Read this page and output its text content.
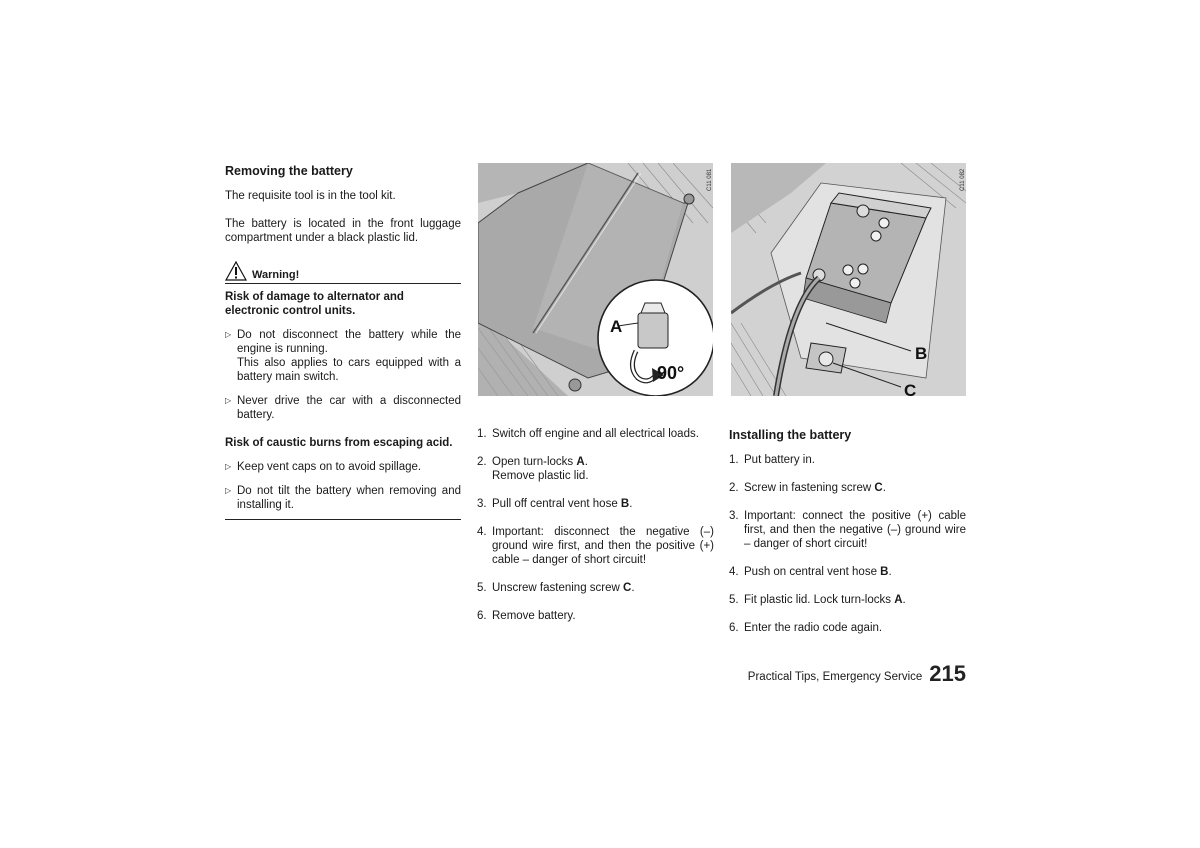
Removing the battery

The requisite tool is in the tool kit.

The battery is located in the front luggage compartment under a black plastic lid.

Warning!

Risk of damage to alternator and electronic control units.

▷ Do not disconnect the battery while the engine is running.

This also applies to cars equipped with a battery main switch.

▷ Never drive the car with a disconnected battery.

Risk of caustic burns from escaping acid.

▷ Keep vent caps on to avoid spillage.

▷ Do not tilt the battery when removing and installing it.

A
90°
C11 081
B
C
C11 082
1. Switch off engine and all electrical loads.

2. Open turn-locks A.

Remove plastic lid.

3. Pull off central vent hose B.

4. Important: disconnect the negative (–) ground wire first, and then the positive (+) cable – danger of short circuit!

5. Unscrew fastening screw C.

6. Remove battery.

Installing the battery
1. Put battery in.

2. Screw in fastening screw C.

3. Important: connect the positive (+) cable first, and then the negative (–) ground wire – danger of short circuit!

4. Push on central vent hose B.

5. Fit plastic lid. Lock turn-locks A.

6. Enter the radio code again.

Practical Tips, Emergency Service 215
